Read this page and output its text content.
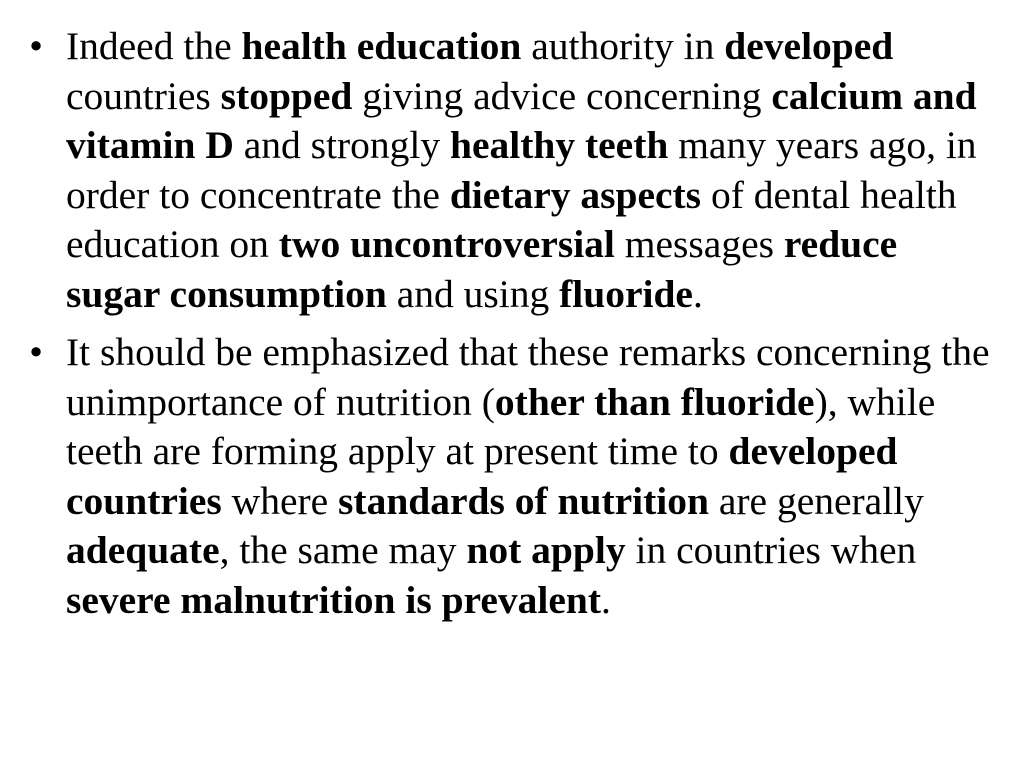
• Indeed the health education authority in developed countries stopped giving advice concerning calcium and vitamin D and strongly healthy teeth many years ago, in order to concentrate the dietary aspects of dental health education on two uncontroversial messages reduce sugar consumption and using fluoride.
• It should be emphasized that these remarks concerning the unimportance of nutrition (other than fluoride), while teeth are forming apply at present time to developed countries where standards of nutrition are generally adequate, the same may not apply in countries when severe malnutrition is prevalent.
